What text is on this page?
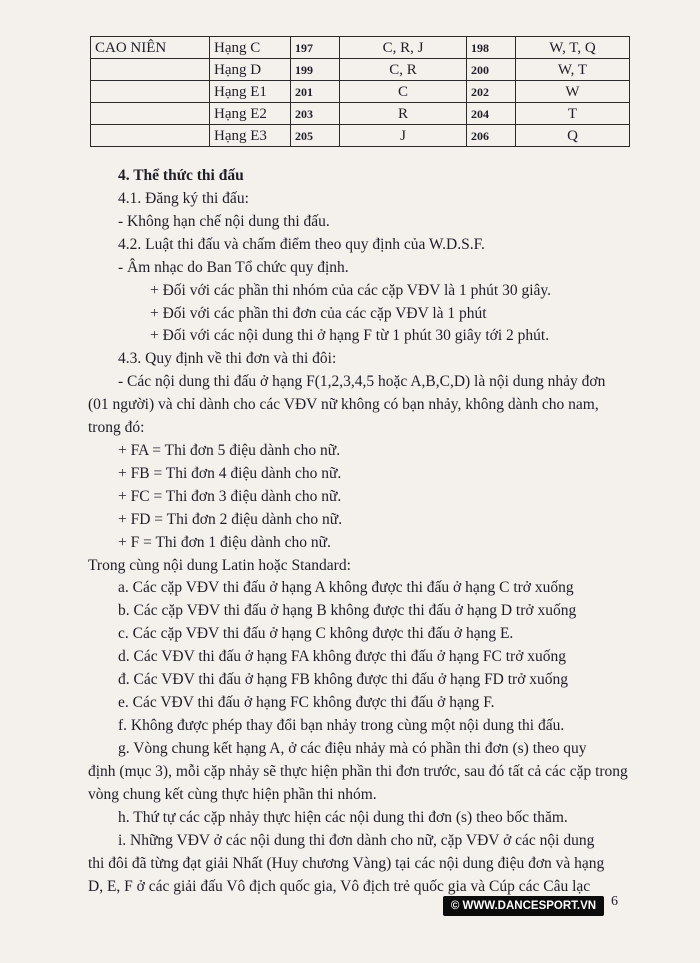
CAO NIÊN	Hạng C	197	C, R, J	198	W, T, Q
	Hạng D	199	C, R	200	W, T
	Hạng E1	201	C	202	W
	Hạng E2	203	R	204	T
	Hạng E3	205	J	206	Q
4. Thể thức thi đấu
4.1. Đăng ký thi đấu:
- Không hạn chế nội dung thi đấu.
4.2. Luật thi đấu và chấm điểm theo quy định của W.D.S.F.
- Âm nhạc do Ban Tổ chức quy định.
+ Đối với các phần thi nhóm của các cặp VĐV là 1 phút 30 giây.
+ Đối với các phần thi đơn của các cặp VĐV là 1 phút
+ Đối với các nội dung thi ở hạng F từ 1 phút 30 giây tới 2 phút.
4.3. Quy định về thi đơn và thi đôi:
- Các nội dung thi đấu ở hạng F(1,2,3,4,5 hoặc A,B,C,D) là nội dung nhảy đơn
(01 người) và chỉ dành cho các VĐV nữ không có bạn nhảy, không dành cho nam,
trong đó:
+ FA = Thi đơn 5 điệu dành cho nữ.
+ FB = Thi đơn 4 điệu dành cho nữ.
+ FC = Thi đơn 3 điệu dành cho nữ.
+ FD = Thi đơn 2 điệu dành cho nữ.
+ F = Thi đơn 1 điệu dành cho nữ.
Trong cùng nội dung Latin hoặc Standard:
a. Các cặp VĐV thi đấu ở hạng A không được thi đấu ở hạng C trở xuống
b. Các cặp VĐV thi đấu ở hạng B không được thi đấu ở hạng D trở xuống
c. Các cặp VĐV thi đấu ở hạng C không được thi đấu ở hạng E.
d. Các VĐV thi đấu ở hạng FA không được thi đấu ở hạng FC trở xuống
đ. Các VĐV thi đấu ở hạng FB không được thi đấu ở hạng FD trở xuống
e. Các VĐV thi đấu ở hạng FC không được thi đấu ở hạng F.
f. Không được phép thay đổi bạn nhảy trong cùng một nội dung thi đấu.
g. Vòng chung kết hạng A, ở các điệu nhảy mà có phần thi đơn (s) theo quy
định (mục 3), mỗi cặp nhảy sẽ thực hiện phần thi đơn trước, sau đó tất cả các cặp trong
vòng chung kết cùng thực hiện phần thi nhóm.
h. Thứ tự các cặp nhảy thực hiện các nội dung thi đơn (s) theo bốc thăm.
i. Những VĐV ở các nội dung thi đơn dành cho nữ, cặp VĐV ở các nội dung
thi đôi đã từng đạt giải Nhất (Huy chương Vàng) tại các nội dung điệu đơn và hạng
D, E, F ở các giải đấu Vô địch quốc gia, Vô địch trẻ quốc gia và Cúp các Câu lạc
© WWW.DANCESPORT.VN	6
